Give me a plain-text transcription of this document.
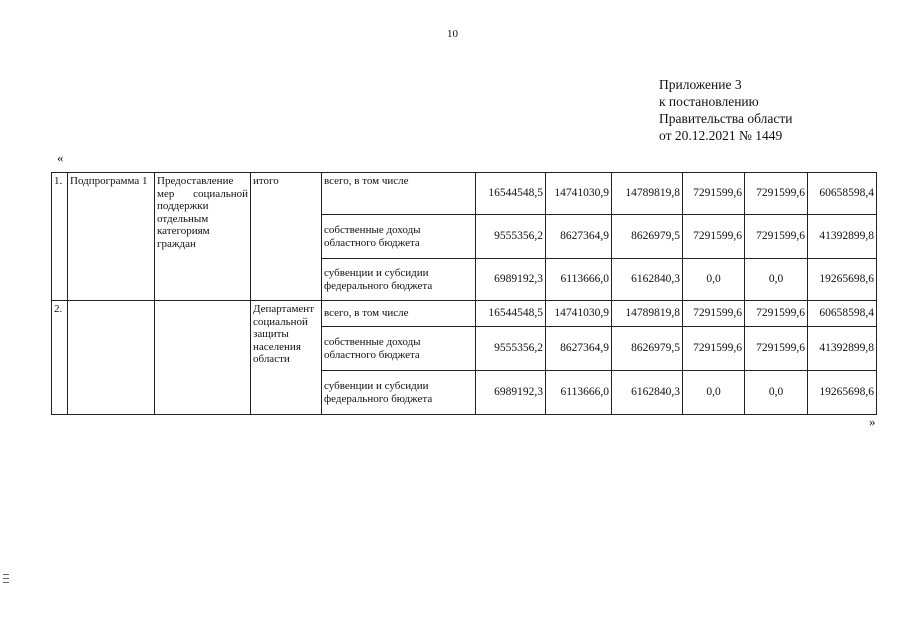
10
Приложение 3
к постановлению
Правительства области
от 20.12.2021 № 1449
«
1.	Подпрограмма 1	Предоставление мер социальной поддержки отдельным категориям граждан	итого	всего, в том числе	16544548,5	14741030,9	14789819,8	7291599,6	7291599,6	60658598,4
				собственные доходы областного бюджета	9555356,2	8627364,9	8626979,5	7291599,6	7291599,6	41392899,8
				субвенции и субсидии федерального бюджета	6989192,3	6113666,0	6162840,3	0,0	0,0	19265698,6
2.			Департамент социальной защиты населения области	всего, в том числе	16544548,5	14741030,9	14789819,8	7291599,6	7291599,6	60658598,4
				собственные доходы областного бюджета	9555356,2	8627364,9	8626979,5	7291599,6	7291599,6	41392899,8
				субвенции и субсидии федерального бюджета	6989192,3	6113666,0	6162840,3	0,0	0,0	19265698,6
»
